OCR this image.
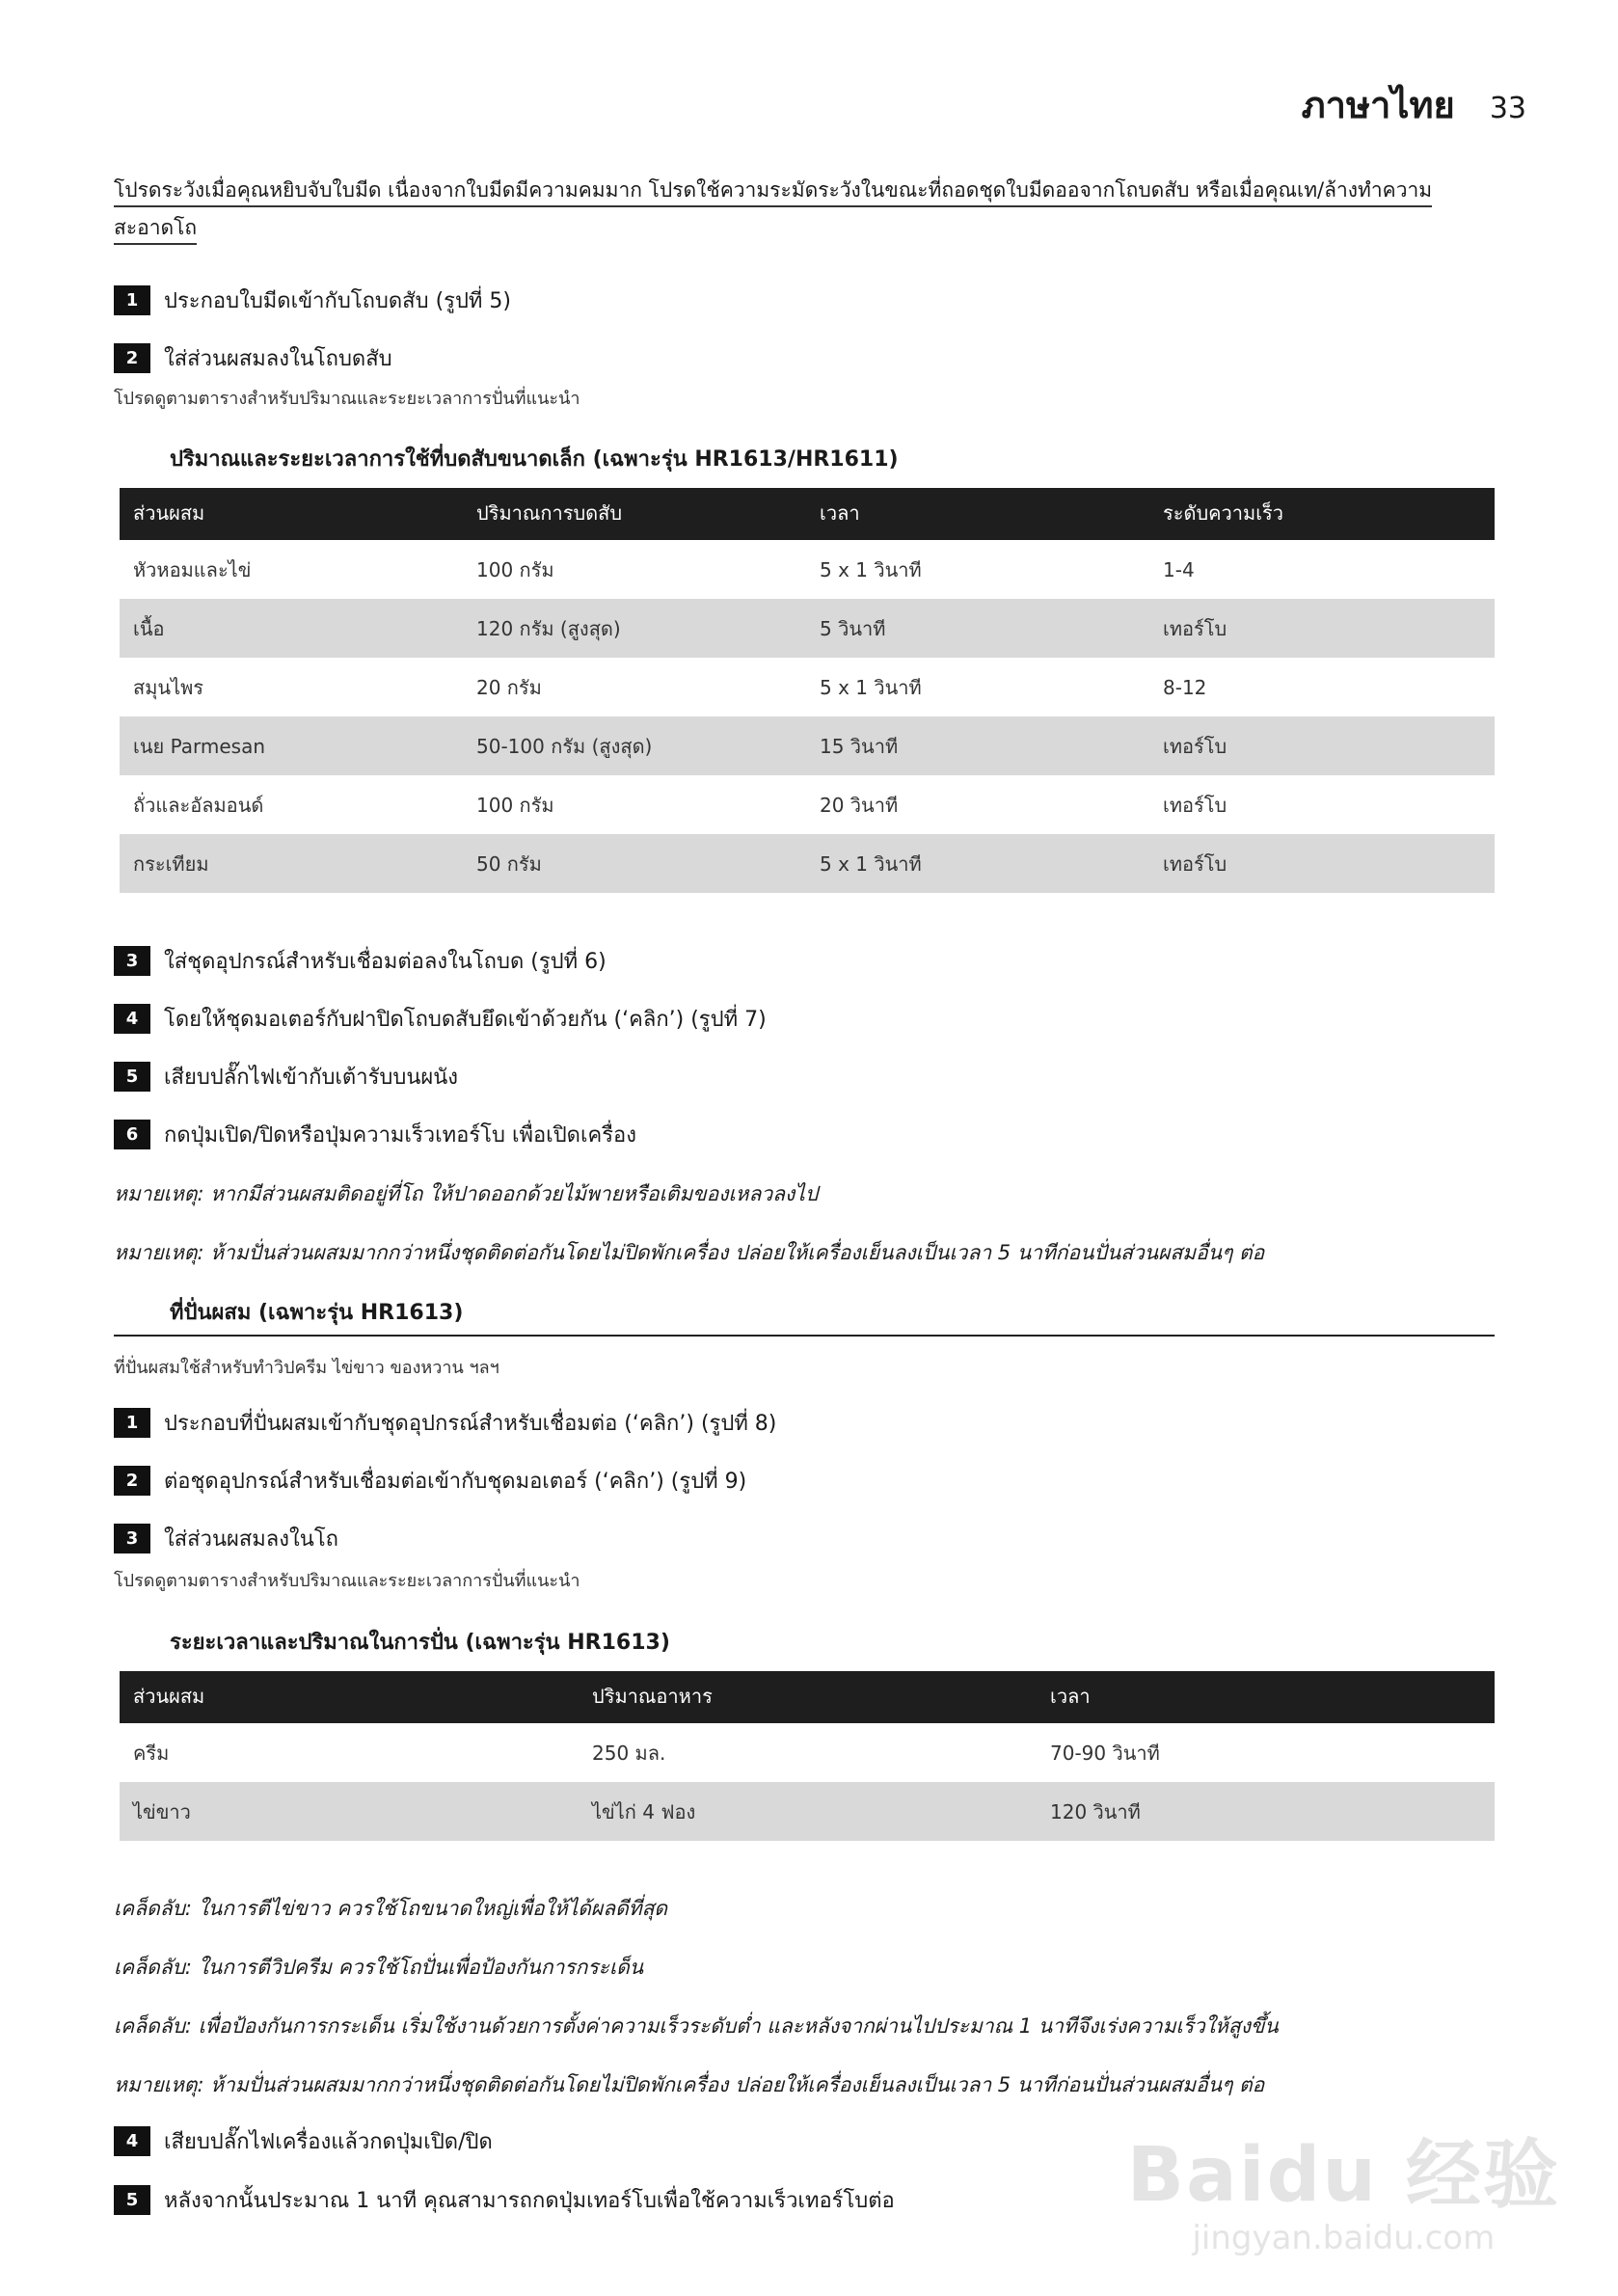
ภาษาไทย 33
โปรดระวังเมื่อคุณหยิบจับใบมีด เนื่องจากใบมีดมีความคมมาก โปรดใช้ความระมัดระวังในขณะที่ถอดชุดใบมีดออจากโถบดสับ หรือเมื่อคุณเท/ล้างทำความสะอาดโถ
1	ประกอบใบมีดเข้ากับโถบดสับ (รูปที่ 5)
2	ใส่ส่วนผสมลงในโถบดสับ
โปรดดูตามตารางสำหรับปริมาณและระยะเวลาการปั่นที่แนะนำ
ปริมาณและระยะเวลาการใช้ที่บดสับขนาดเล็ก (เฉพาะรุ่น HR1613/HR1611)
ส่วนผสม	ปริมาณการบดสับ	เวลา	ระดับความเร็ว
หัวหอมและไข่	100 กรัม	5 x 1 วินาที	1-4
เนื้อ	120 กรัม (สูงสุด)	5 วินาที	เทอร์โบ
สมุนไพร	20 กรัม	5 x 1 วินาที	8-12
เนย Parmesan	50-100 กรัม (สูงสุด)	15 วินาที	เทอร์โบ
ถั่วและอัลมอนด์	100 กรัม	20 วินาที	เทอร์โบ
กระเทียม	50 กรัม	5 x 1 วินาที	เทอร์โบ
3	ใส่ชุดอุปกรณ์สำหรับเชื่อมต่อลงในโถบด (รูปที่ 6)
4	โดยให้ชุดมอเตอร์กับฝาปิดโถบดสับยึดเข้าด้วยกัน (‘คลิก’) (รูปที่ 7)
5	เสียบปลั๊กไฟเข้ากับเต้ารับบนผนัง
6	กดปุ่มเปิด/ปิดหรือปุ่มความเร็วเทอร์โบ เพื่อเปิดเครื่อง
หมายเหตุ: หากมีส่วนผสมติดอยู่ที่โถ ให้ปาดออกด้วยไม้พายหรือเติมของเหลวลงไป
หมายเหตุ: ห้ามปั่นส่วนผสมมากกว่าหนึ่งชุดติดต่อกันโดยไม่ปิดพักเครื่อง ปล่อยให้เครื่องเย็นลงเป็นเวลา 5 นาทีก่อนปั่นส่วนผสมอื่นๆ ต่อ
ที่ปั่นผสม (เฉพาะรุ่น HR1613)
ที่ปั่นผสมใช้สำหรับทำวิปครีม ไข่ขาว ของหวาน ฯลฯ
1	ประกอบที่ปั่นผสมเข้ากับชุดอุปกรณ์สำหรับเชื่อมต่อ (‘คลิก’) (รูปที่ 8)
2	ต่อชุดอุปกรณ์สำหรับเชื่อมต่อเข้ากับชุดมอเตอร์ (‘คลิก’) (รูปที่ 9)
3	ใส่ส่วนผสมลงในโถ
โปรดดูตามตารางสำหรับปริมาณและระยะเวลาการปั่นที่แนะนำ
ระยะเวลาและปริมาณในการปั่น (เฉพาะรุ่น HR1613)
ส่วนผสม	ปริมาณอาหาร	เวลา
ครีม	250 มล.	70-90 วินาที
ไข่ขาว	ไข่ไก่ 4 ฟอง	120 วินาที
เคล็ดลับ: ในการตีไข่ขาว ควรใช้โถขนาดใหญ่เพื่อให้ได้ผลดีที่สุด
เคล็ดลับ: ในการตีวิปครีม ควรใช้โถปั่นเพื่อป้องกันการกระเด็น
เคล็ดลับ: เพื่อป้องกันการกระเด็น เริ่มใช้งานด้วยการตั้งค่าความเร็วระดับต่ำ และหลังจากผ่านไปประมาณ 1 นาทีจึงเร่งความเร็วให้สูงขึ้น
หมายเหตุ: ห้ามปั่นส่วนผสมมากกว่าหนึ่งชุดติดต่อกันโดยไม่ปิดพักเครื่อง ปล่อยให้เครื่องเย็นลงเป็นเวลา 5 นาทีก่อนปั่นส่วนผสมอื่นๆ ต่อ
4	เสียบปลั๊กไฟเครื่องแล้วกดปุ่มเปิด/ปิด
5	หลังจากนั้นประมาณ 1 นาที คุณสามารถกดปุ่มเทอร์โบเพื่อใช้ความเร็วเทอร์โบต่อ	Baidu 经验
jingyan.baidu.com
